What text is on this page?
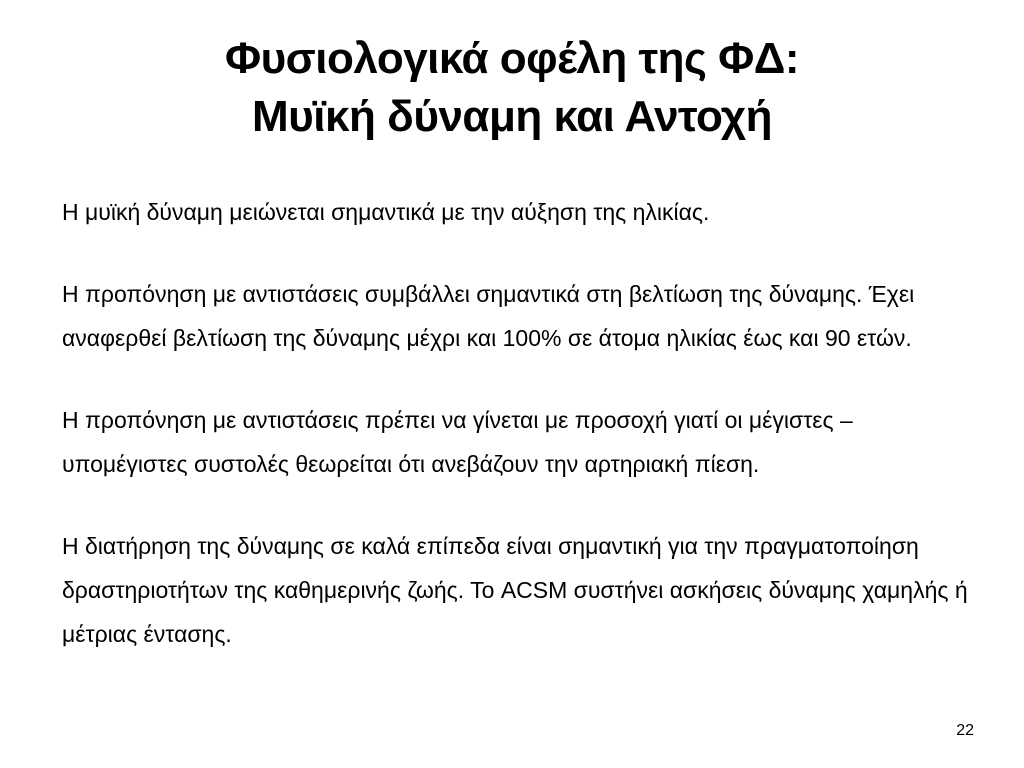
Φυσιολογικά οφέλη της ΦΔ:
Μυϊκή δύναμη και Αντοχή

Η μυϊκή δύναμη μειώνεται σημαντικά με την αύξηση της ηλικίας.

Η προπόνηση με αντιστάσεις συμβάλλει σημαντικά στη βελτίωση της δύναμης. Έχει αναφερθεί βελτίωση της δύναμης μέχρι και 100% σε άτομα ηλικίας έως και 90 ετών.

Η προπόνηση με αντιστάσεις πρέπει να γίνεται με προσοχή γιατί οι μέγιστες – υπομέγιστες συστολές θεωρείται ότι ανεβάζουν την αρτηριακή πίεση.

Η διατήρηση της δύναμης σε καλά επίπεδα είναι σημαντική για την πραγματοποίηση δραστηριοτήτων της καθημερινής ζωής. Το ACSM συστήνει ασκήσεις δύναμης χαμηλής ή μέτριας έντασης.

22
